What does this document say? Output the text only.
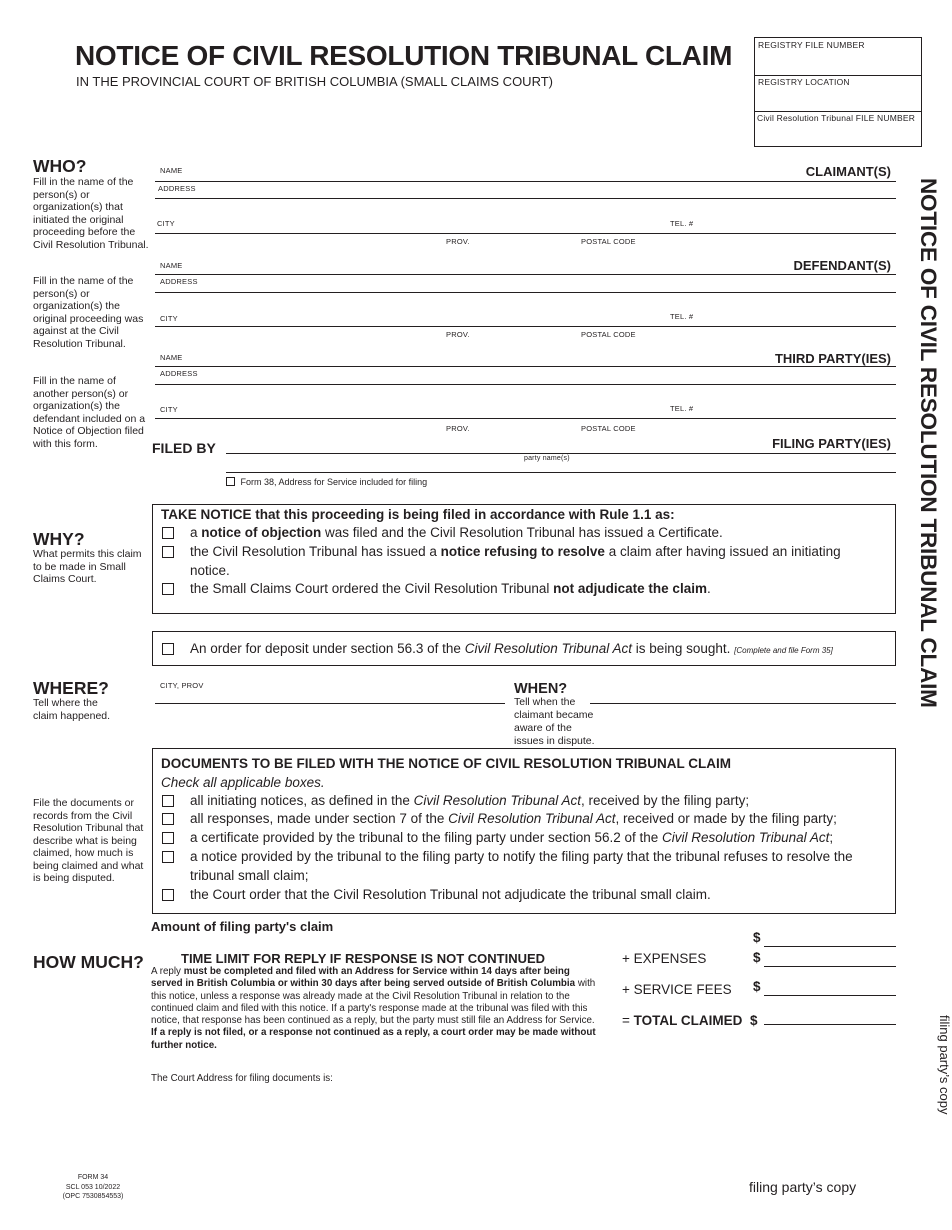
NOTICE OF CIVIL RESOLUTION TRIBUNAL CLAIM
IN THE PROVINCIAL COURT OF BRITISH COLUMBIA (SMALL CLAIMS COURT)
REGISTRY FILE NUMBER
REGISTRY LOCATION
Civil Resolution Tribunal FILE NUMBER
NOTICE OF CIVIL RESOLUTION TRIBUNAL CLAIM
filing party’s copy
WHO?
Fill in the name of the person(s) or organization(s) that initiated the original proceeding before the Civil Resolution Tribunal.
Fill in the name of the person(s) or organization(s) the original proceeding was against at the Civil Resolution Tribunal.
Fill in the name of another person(s) or organization(s) the defendant included on a Notice of Objection filed with this form.
NAME	CLAIMANT(S)
ADDRESS
CITY	TEL. #
PROV.	POSTAL CODE
NAME	DEFENDANT(S)
ADDRESS
CITY	TEL. #
PROV.	POSTAL CODE
NAME	THIRD PARTY(IES)
ADDRESS
CITY	TEL. #
PROV.	POSTAL CODE
FILED BY	FILING PARTY(IES)
party name(s)
Form 38, Address for Service included for filing
WHY?
What permits this claim to be made in Small Claims Court.
TAKE NOTICE that this proceeding is being filed in accordance with Rule 1.1 as:
a notice of objection was filed and the Civil Resolution Tribunal has issued a Certificate.
the Civil Resolution Tribunal has issued a notice refusing to resolve a claim after having issued an initiating
notice.
the Small Claims Court ordered the Civil Resolution Tribunal not adjudicate the claim.
An order for deposit under section 56.3 of the Civil Resolution Tribunal Act is being sought. [Complete and file Form 35]
WHERE?
Tell where the claim happened.
CITY, PROV	WHEN?
Tell when the claimant became aware of the issues in dispute.
File the documents or records from the Civil Resolution Tribunal that describe what is being claimed, how much is being claimed and what is being disputed.
DOCUMENTS TO BE FILED WITH THE NOTICE OF CIVIL RESOLUTION TRIBUNAL CLAIM
Check all applicable boxes.
all initiating notices, as defined in the Civil Resolution Tribunal Act, received by the filing party;
all responses, made under section 7 of the Civil Resolution Tribunal Act, received or made by the filing party;
a certificate provided by the tribunal to the filing party under section 56.2 of the Civil Resolution Tribunal Act;
a notice provided by the tribunal to the filing party to notify the filing party that the tribunal refuses to resolve the
tribunal small claim;
the Court order that the Civil Resolution Tribunal not adjudicate the tribunal small claim.
Amount of filing party's claim
HOW MUCH?
$
+ EXPENSES	$
+ SERVICE FEES $
= TOTAL CLAIMED $
TIME LIMIT FOR REPLY IF RESPONSE IS NOT CONTINUED
A reply must be completed and filed with an Address for Service within 14 days after being served in British Columbia or within 30 days after being served outside of British Columbia with this notice, unless a response was already made at the Civil Resolution Tribunal in relation to the continued claim and filed with this notice. If a party's response made at the tribunal was filed with this notice, that response has been continued as a reply, but the party must still file an Address for Service. If a reply is not filed, or a response not continued as a reply, a court order may be made without further notice.
The Court Address for filing documents is:
FORM 34
SCL 053 10/2022
(OPC 7530854553)
filing party’s copy
